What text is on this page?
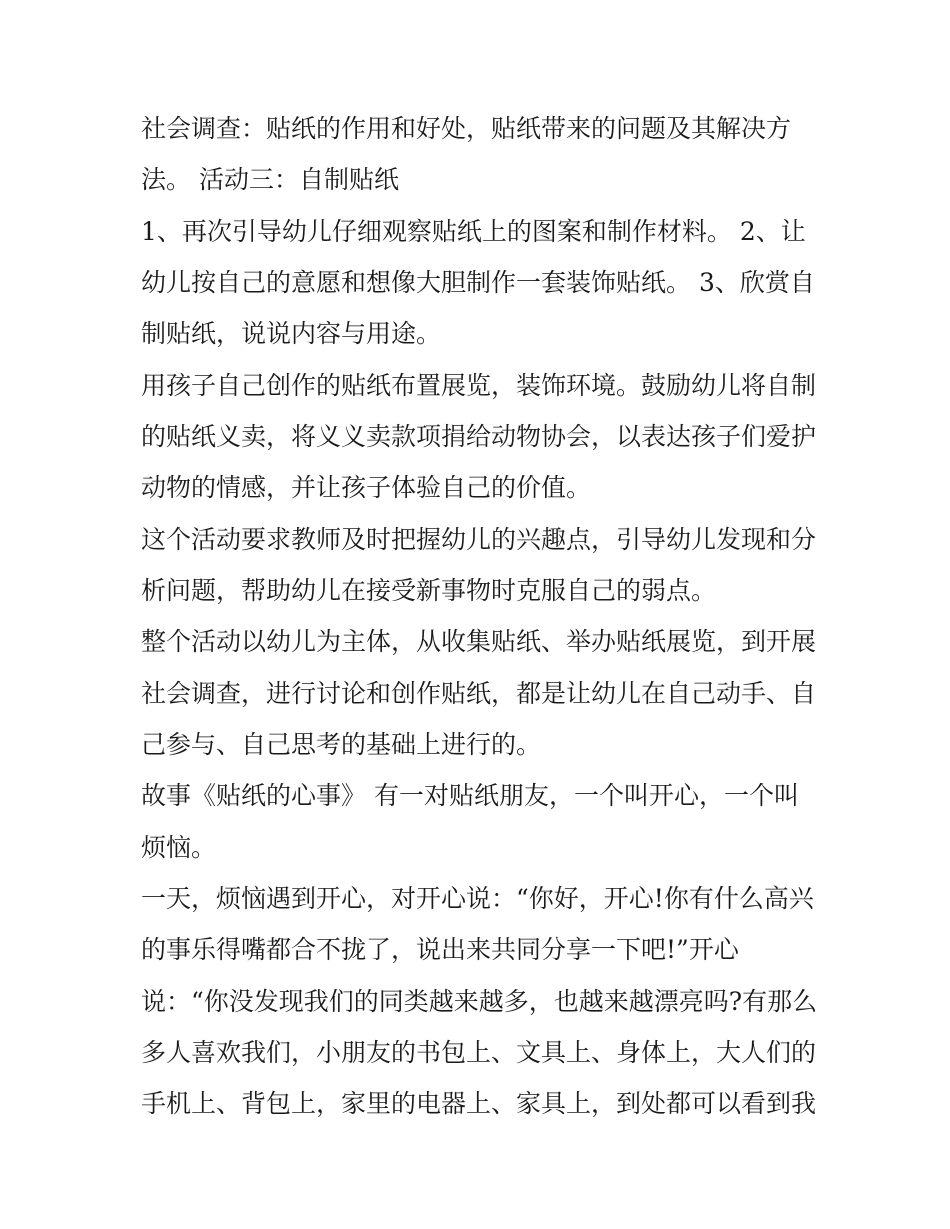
社会调查：贴纸的作用和好处，贴纸带来的问题及其解决方
法。 活动三：自制贴纸
1、再次引导幼儿仔细观察贴纸上的图案和制作材料。 2、让
幼儿按自己的意愿和想像大胆制作一套装饰贴纸。 3、欣赏自
制贴纸，说说内容与用途。
用孩子自己创作的贴纸布置展览，装饰环境。鼓励幼儿将自制
的贴纸义卖，将义义卖款项捐给动物协会，以表达孩子们爱护
动物的情感，并让孩子体验自己的价值。
这个活动要求教师及时把握幼儿的兴趣点，引导幼儿发现和分
析问题，帮助幼儿在接受新事物时克服自己的弱点。
整个活动以幼儿为主体，从收集贴纸、举办贴纸展览，到开展
社会调查，进行讨论和创作贴纸，都是让幼儿在自己动手、自
己参与、自己思考的基础上进行的。
故事《贴纸的心事》 有一对贴纸朋友，一个叫开心，一个叫
烦恼。
一天，烦恼遇到开心，对开心说：“你好，开心!你有什么高兴
的事乐得嘴都合不拢了，说出来共同分享一下吧!”开心
说：“你没发现我们的同类越来越多，也越来越漂亮吗?有那么
多人喜欢我们，小朋友的书包上、文具上、身体上，大人们的
手机上、背包上，家里的电器上、家具上，到处都可以看到我
